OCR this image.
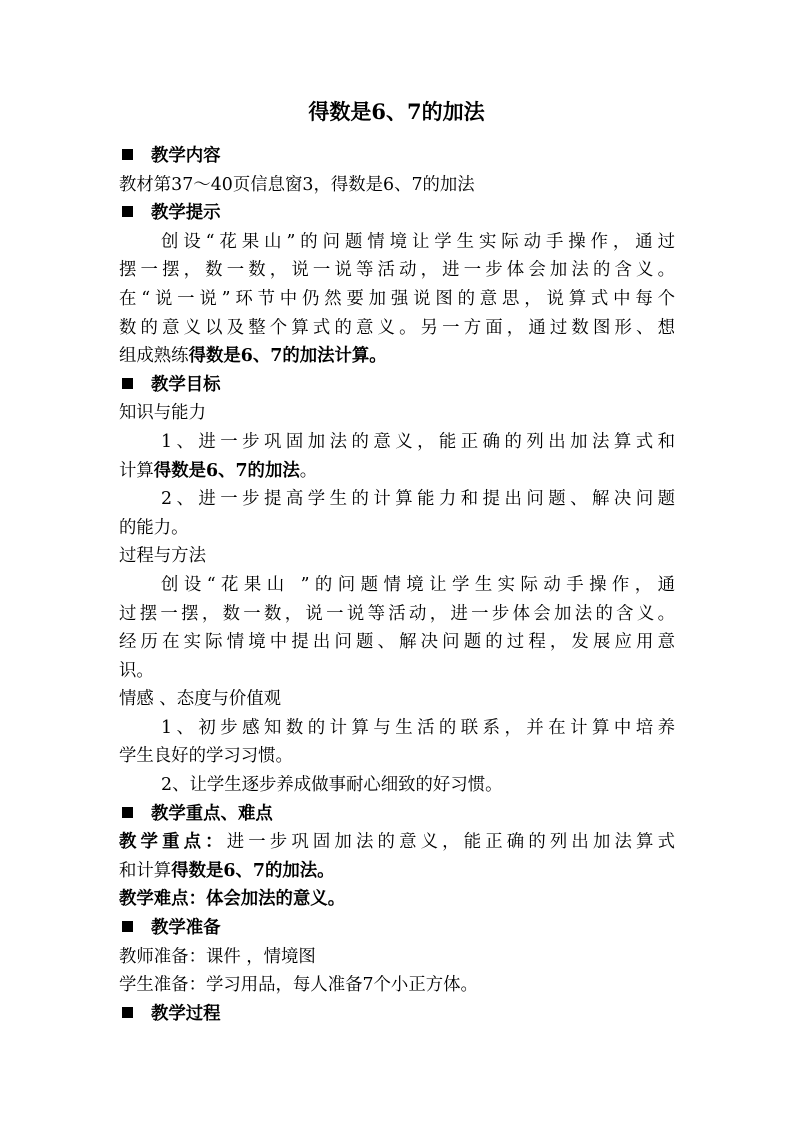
得数是6、7的加法
教学内容
教材第37～40页信息窗3，得数是6、7的加法
教学提示
创设“花果山”的问题情境让学生实际动手操作，通过
摆一摆，数一数，说一说等活动，进一步体会加法的含义。
在“说一说”环节中仍然要加强说图的意思，说算式中每个
数的意义以及整个算式的意义。另一方面，通过数图形、想
组成熟练得数是6、7的加法计算。
教学目标
知识与能力
1、进一步巩固加法的意义，能正确的列出加法算式和
计算得数是6、7的加法。
2、进一步提高学生的计算能力和提出问题、解决问题
的能力。
过程与方法
创设“花果山 ”的问题情境让学生实际动手操作，通
过摆一摆，数一数，说一说等活动，进一步体会加法的含义。
经历在实际情境中提出问题、解决问题的过程，发展应用意
识。
情感 、态度与价值观
1、初步感知数的计算与生活的联系，并在计算中培养
学生良好的学习习惯。
2、让学生逐步养成做事耐心细致的好习惯。
教学重点、难点
教学重点：进一步巩固加法的意义，能正确的列出加法算式
和计算得数是6、7的加法。
教学难点：体会加法的意义。
教学准备
教师准备：课件 ，情境图
学生准备：学习用品，每人准备7个小正方体。
教学过程
